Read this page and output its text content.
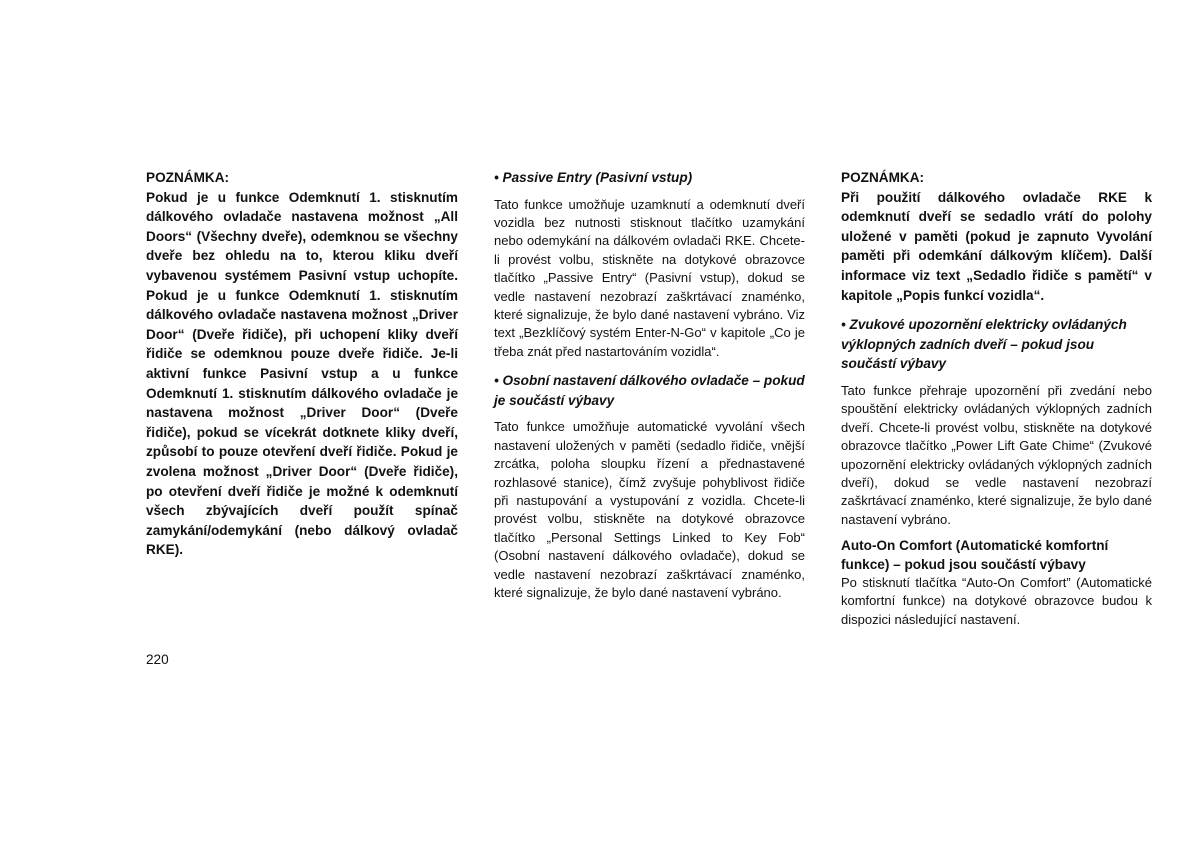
POZNÁMKA:

Pokud je u funkce Odemknutí 1. stisknutím dálkového ovladače nastavena možnost „All Doors“ (Všechny dveře), odemknou se všechny dveře bez ohledu na to, kterou kliku dveří vybavenou systémem Pasivní vstup uchopíte. Pokud je u funkce Odemknutí 1. stisknutím dálkového ovladače nastavena možnost „Driver Door“ (Dveře řidiče), při uchopení kliky dveří řidiče se odemknou pouze dveře řidiče. Je-li aktivní funkce Pasivní vstup a u funkce Odemknutí 1. stisknutím dálkového ovladače je nastavena možnost „Driver Door“ (Dveře řidiče), pokud se vícekrát dotknete kliky dveří, způsobí to pouze otevření dveří řidiče. Pokud je zvolena možnost „Driver Door“ (Dveře řidiče), po otevření dveří řidiče je možné k odemknutí všech zbývajících dveří použít spínač zamykání/odemykání (nebo dálkový ovladač RKE).

• Passive Entry (Pasivní vstup)

Tato funkce umožňuje uzamknutí a odemknutí dveří vozidla bez nutnosti stisknout tlačítko uzamykání nebo odemykání na dálkovém ovladači RKE. Chcete-li provést volbu, stiskněte na dotykové obrazovce tlačítko „Passive Entry“ (Pasivní vstup), dokud se vedle nastavení nezobrazí zaškrtávací znaménko, které signalizuje, že bylo dané nastavení vybráno. Viz text „Bezklíčový systém Enter-N-Go“ v kapitole „Co je třeba znát před nastartováním vozidla“.

• Osobní nastavení dálkového ovladače – pokud je součástí výbavy

Tato funkce umožňuje automatické vyvolání všech nastavení uložených v paměti (sedadlo řidiče, vnější zrcátka, poloha sloupku řízení a přednastavené rozhlasové stanice), čímž zvyšuje pohyblivost řidiče při nastupování a vystupování z vozidla. Chcete-li provést volbu, stiskněte na dotykové obrazovce tlačítko „Personal Settings Linked to Key Fob“ (Osobní nastavení dálkového ovladače), dokud se vedle nastavení nezobrazí zaškrtávací znaménko, které signalizuje, že bylo dané nastavení vybráno.

POZNÁMKA:

Při použití dálkového ovladače RKE k odemknutí dveří se sedadlo vrátí do polohy uložené v paměti (pokud je zapnuto Vyvolání paměti při odemkání dálkovým klíčem). Další informace viz text „Sedadlo řidiče s pamětí“ v kapitole „Popis funkcí vozidla“.

• Zvukové upozornění elektricky ovládaných výklopných zadních dveří – pokud jsou součástí výbavy

Tato funkce přehraje upozornění při zvedání nebo spouštění elektricky ovládaných výklopných zadních dveří. Chcete-li provést volbu, stiskněte na dotykové obrazovce tlačítko „Power Lift Gate Chime“ (Zvukové upozornění elektricky ovládaných výklopných zadních dveří), dokud se vedle nastavení nezobrazí zaškrtávací znaménko, které signalizuje, že bylo dané nastavení vybráno.

Auto-On Comfort (Automatické komfortní funkce) – pokud jsou součástí výbavy

Po stisknutí tlačítka “Auto-On Comfort” (Automatické komfortní funkce) na dotykové obrazovce budou k dispozici následující nastavení.

220
